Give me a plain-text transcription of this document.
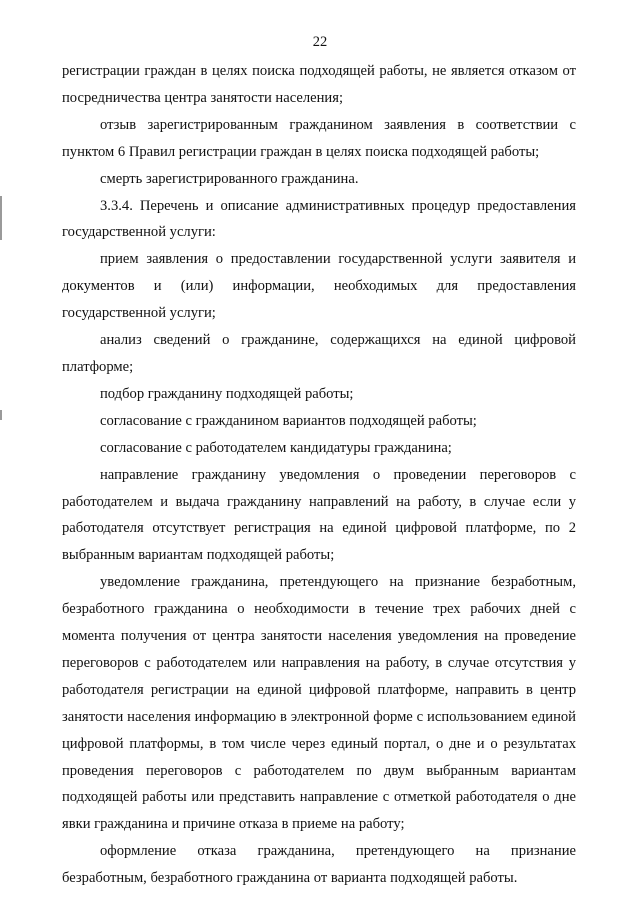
22

регистрации граждан в целях поиска подходящей работы, не является отказом от посредничества центра занятости населения;

отзыв зарегистрированным гражданином заявления в соответствии с пунктом 6 Правил регистрации граждан в целях поиска подходящей работы;

смерть зарегистрированного гражданина.

3.3.4. Перечень и описание административных процедур предоставления государственной услуги:

прием заявления о предоставлении государственной услуги заявителя и документов и (или) информации, необходимых для предоставления государственной услуги;

анализ сведений о гражданине, содержащихся на единой цифровой платформе;

подбор гражданину подходящей работы;

согласование с гражданином вариантов подходящей работы;

согласование с работодателем кандидатуры гражданина;

направление гражданину уведомления о проведении переговоров с работодателем и выдача гражданину направлений на работу, в случае если у работодателя отсутствует регистрация на единой цифровой платформе, по 2 выбранным вариантам подходящей работы;

уведомление гражданина, претендующего на признание безработным, безработного гражданина о необходимости в течение трех рабочих дней с момента получения от центра занятости населения уведомления на проведение переговоров с работодателем или направления на работу, в случае отсутствия у работодателя регистрации на единой цифровой платформе, направить в центр занятости населения информацию в электронной форме с использованием единой цифровой платформы, в том числе через единый портал, о дне и о результатах проведения переговоров с работодателем по двум выбранным вариантам подходящей работы или представить направление с отметкой работодателя о дне явки гражданина и причине отказа в приеме на работу;

оформление отказа гражданина, претендующего на признание безработным, безработного гражданина от варианта подходящей работы.
